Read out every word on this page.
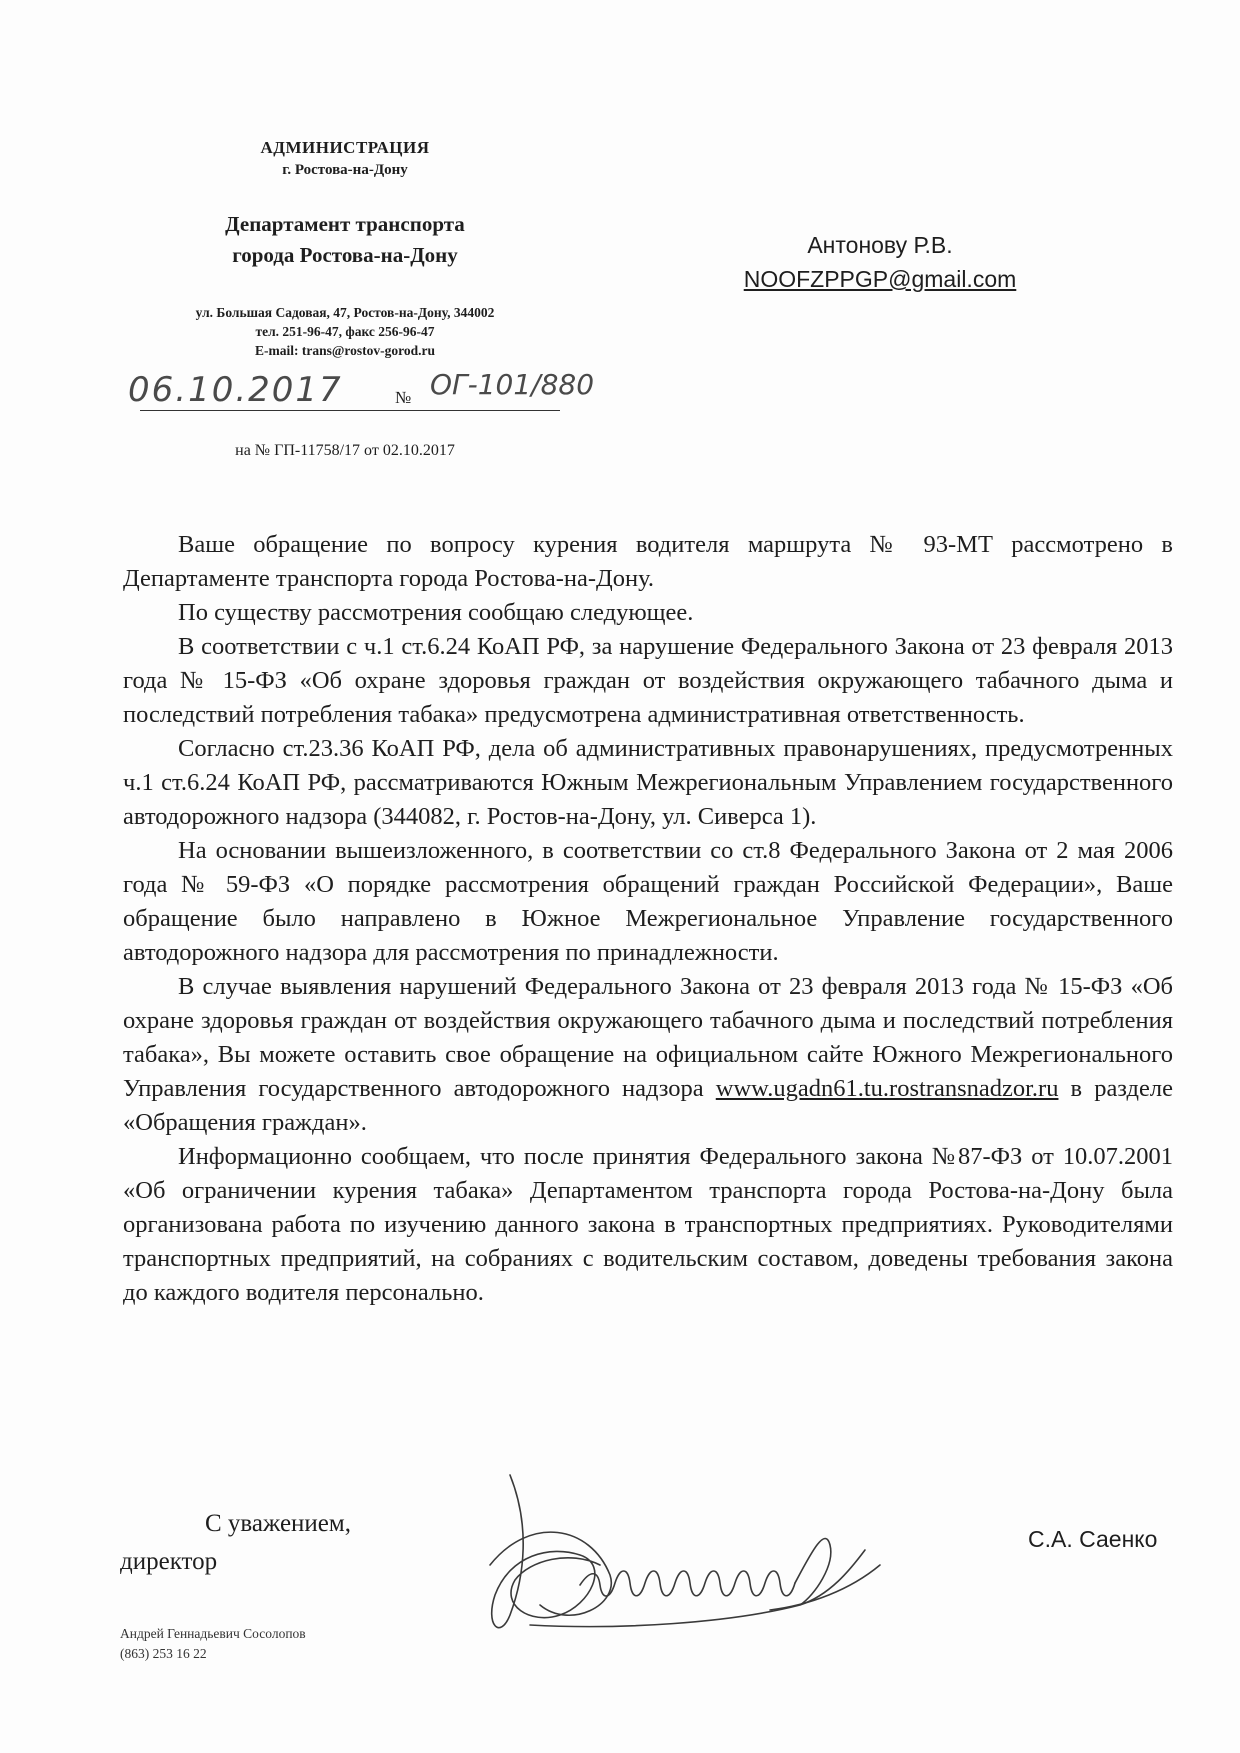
АДМИНИСТРАЦИЯ
г. Ростова-на-Дону
Департамент транспорта
города Ростова-на-Дону
ул. Большая Садовая, 47, Ростов-на-Дону, 344002
тел. 251-96-47, факс 256-96-47
E-mail: trans@rostov-gorod.ru
06.10.2017	№ ОГ-101/880
на № ГП-11758/17 от 02.10.2017
Антонову Р.В.
NOOFZPPGP@gmail.com

Ваше обращение по вопросу курения водителя маршрута № 93-МТ рассмотрено в Департаменте транспорта города Ростова-на-Дону.

По существу рассмотрения сообщаю следующее.

В соответствии с ч.1 ст.6.24 КоАП РФ, за нарушение Федерального Закона от 23 февраля 2013 года № 15-ФЗ «Об охране здоровья граждан от воздействия окружающего табачного дыма и последствий потребления табака» предусмотрена административная ответственность.

Согласно ст.23.36 КоАП РФ, дела об административных правонарушениях, предусмотренных ч.1 ст.6.24 КоАП РФ, рассматриваются Южным Межрегиональным Управлением государственного автодорожного надзора (344082, г. Ростов-на-Дону, ул. Сиверса 1).

На основании вышеизложенного, в соответствии со ст.8 Федерального Закона от 2 мая 2006 года № 59-ФЗ «О порядке рассмотрения обращений граждан Российской Федерации», Ваше обращение было направлено в Южное Межрегиональное Управление государственного автодорожного надзора для рассмотрения по принадлежности.

В случае выявления нарушений Федерального Закона от 23 февраля 2013 года № 15-ФЗ «Об охране здоровья граждан от воздействия окружающего табачного дыма и последствий потребления табака», Вы можете оставить свое обращение на официальном сайте Южного Межрегионального Управления государственного автодорожного надзора www.ugadn61.tu.rostransnadzor.ru в разделе «Обращения граждан».

Информационно сообщаем, что после принятия Федерального закона №87-ФЗ от 10.07.2001 «Об ограничении курения табака» Департаментом транспорта города Ростова-на-Дону была организована работа по изучению данного закона в транспортных предприятиях. Руководителями транспортных предприятий, на собраниях с водительским составом, доведены требования закона до каждого водителя персонально.

С уважением,
директор
С.А. Саенко
Андрей Геннадьевич Сосолопов
(863) 253 16 22
